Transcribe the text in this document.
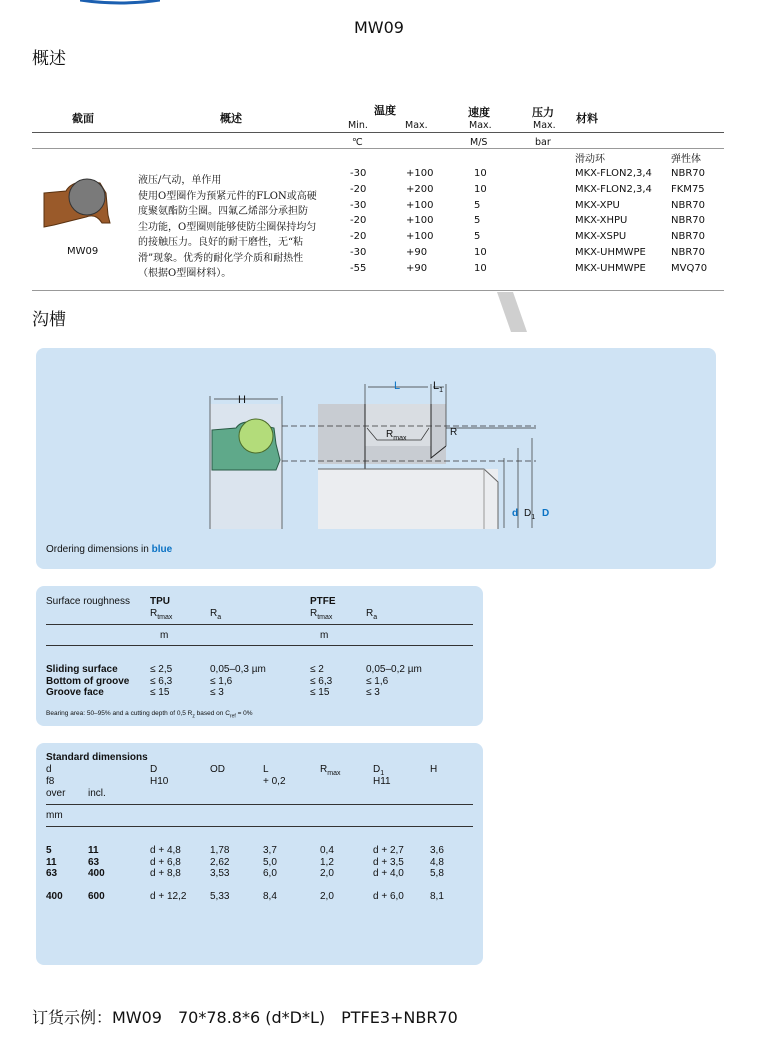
MW09
概述
截面	概述
温度
Min.	Max.
速度
Max.
压力
Max.
材料
℃	M/S	bar
滑动环	弹性体
MW09
液压/气动，单作用
使用O型圈作为预紧元件的FLON或高硬
度聚氨酯防尘圈。四氟乙烯部分承担防
尘功能，O型圈则能够使防尘圈保持均匀
的接触压力。良好的耐干磨性，无“粘
滑”现象。优秀的耐化学介质和耐热性
（根据O型圈材料）。
-30	+100	10	MKX-FLON2,3,4 NBR70
-20	+200	10	MKX-FLON2,3,4 FKM75
-30	+100	5	MKX-XPU	NBR70
-20	+100	5	MKX-XHPU	NBR70
-20	+100	5	MKX-XSPU	NBR70
-30	+90	10	MKX-UHMWPE	NBR70
-55	+90	10	MKX-UHMWPE	MVQ70
沟槽
H
L	$L_1$
$R_{max}$
R
d $D_1$ D
Ordering dimensions in blue
Surface roughness TPU	PTFE
$R_{tmax}$	$R_a$	$R_{tmax}$	$R_a$
m	m
Sliding surface	≤ 2,5	0,05–0,3 µm	≤ 2	0,05–0,2 µm
Bottom of groove ≤ 6,3	≤ 1,6	≤ 6,3	≤ 1,6
Groove face	≤ 15	≤ 3	≤ 15	≤ 3
Bearing area: 50–95% and a cutting depth of 0,5 $R_z$ based on $C_{ref} = 0\%$
Standard dimensions
d
f8
over incl.
D
H10
OD	L
+ 0,2
$R_{max}$	$D_1$
H11
H
mm
5	11	d + 4,8	1,78	3,7	0,4	d + 2,7	3,6
11	63	d + 6,8	2,62	5,0	1,2	d + 3,5	4,8
63	400	d + 8,8	3,53	6,0	2,0	d + 4,0	5,8
400	600	d + 12,2 5,33	8,4	2,0	d + 6,0	8,1
订货示例：MW09　70*78.8*6 (d*D*L)　PTFE3+NBR70
